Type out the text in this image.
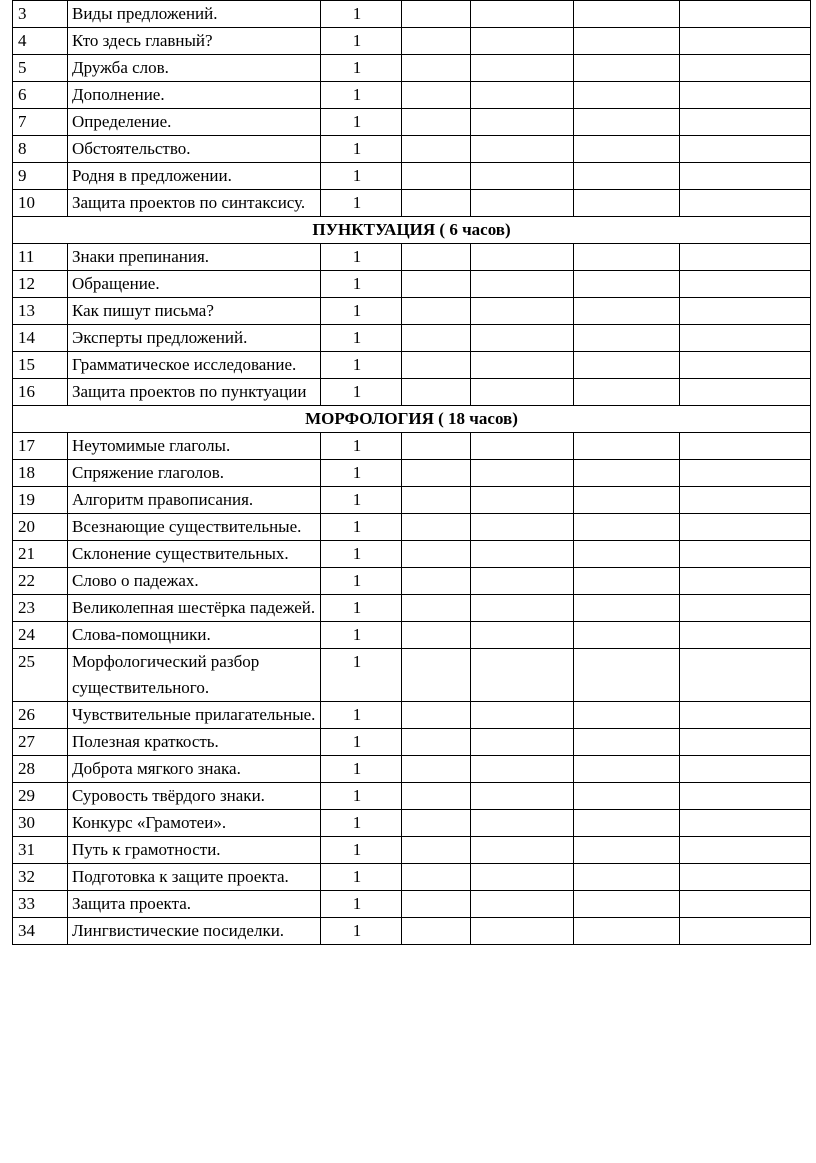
3	Виды предложений.	1				
4	Кто здесь главный?	1				
5	Дружба слов.	1				
6	Дополнение.	1				
7	Определение.	1				
8	Обстоятельство.	1				
9	Родня в предложении.	1				
10	Защита проектов по синтаксису.	1				
ПУНКТУАЦИЯ ( 6 часов)						
11	Знаки препинания.	1				
12	Обращение.	1				
13	Как пишут письма?	1				
14	Эксперты предложений.	1				
15	Грамматическое исследование.	1				
16	Защита проектов по пунктуации	1				
МОРФОЛОГИЯ ( 18 часов)						
17	Неутомимые глаголы.	1				
18	Спряжение глаголов.	1				
19	Алгоритм правописания.	1				
20	Всезнающие существительные.	1				
21	Склонение существительных.	1				
22	Слово о падежах.	1				
23	Великолепная шестёрка падежей.	1				
24	Слова-помощники.	1				
25	Морфологический разбор существительного.	1				
26	Чувствительные прилагательные.	1				
27	Полезная краткость.	1				
28	Доброта мягкого знака.	1				
29	Суровость твёрдого знаки.	1				
30	Конкурс «Грамотеи».	1				
31	Путь к грамотности.	1				
32	Подготовка к защите проекта.	1				
33	Защита проекта.	1				
34	Лингвистические посиделки.	1				
